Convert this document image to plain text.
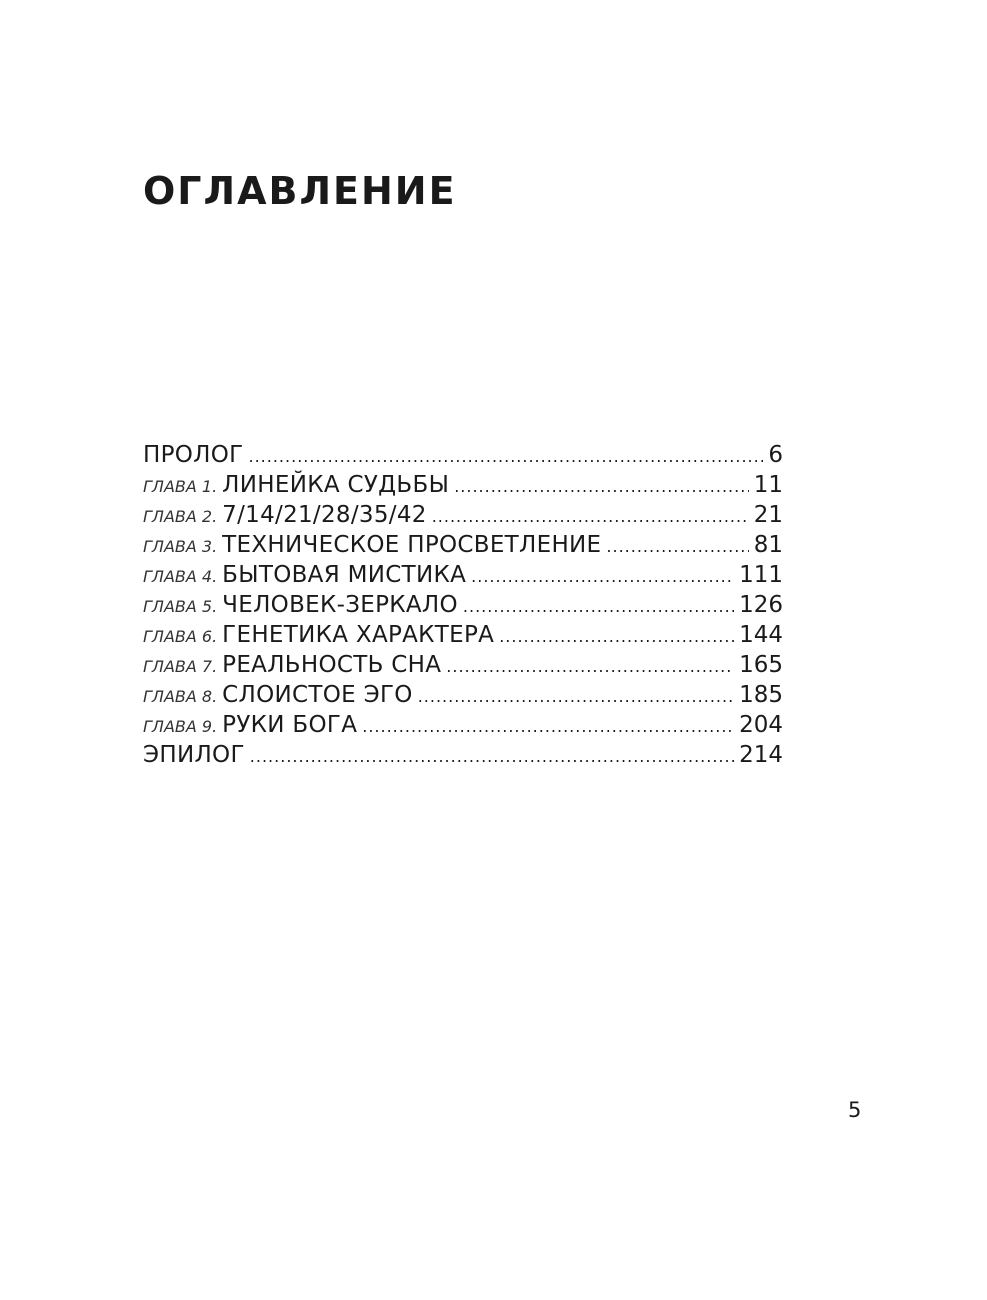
ОГЛАВЛЕНИЕ
ПРОЛОГ .....	6
ГЛАВА 1. ЛИНЕЙКА СУДЬБЫ .....	11
ГЛАВА 2. 7/14/21/28/35/42 .....	21
ГЛАВА 3. ТЕХНИЧЕСКОЕ ПРОСВЕТЛЕНИЕ .....	81
ГЛАВА 4. БЫТОВАЯ МИСТИКА .....	111
ГЛАВА 5. ЧЕЛОВЕК-ЗЕРКАЛО .....	126
ГЛАВА 6. ГЕНЕТИКА ХАРАКТЕРА .....	144
ГЛАВА 7. РЕАЛЬНОСТЬ СНА .....	165
ГЛАВА 8. СЛОИСТОЕ ЭГО .....	185
ГЛАВА 9. РУКИ БОГА .....	204
ЭПИЛОГ .....	214
5
